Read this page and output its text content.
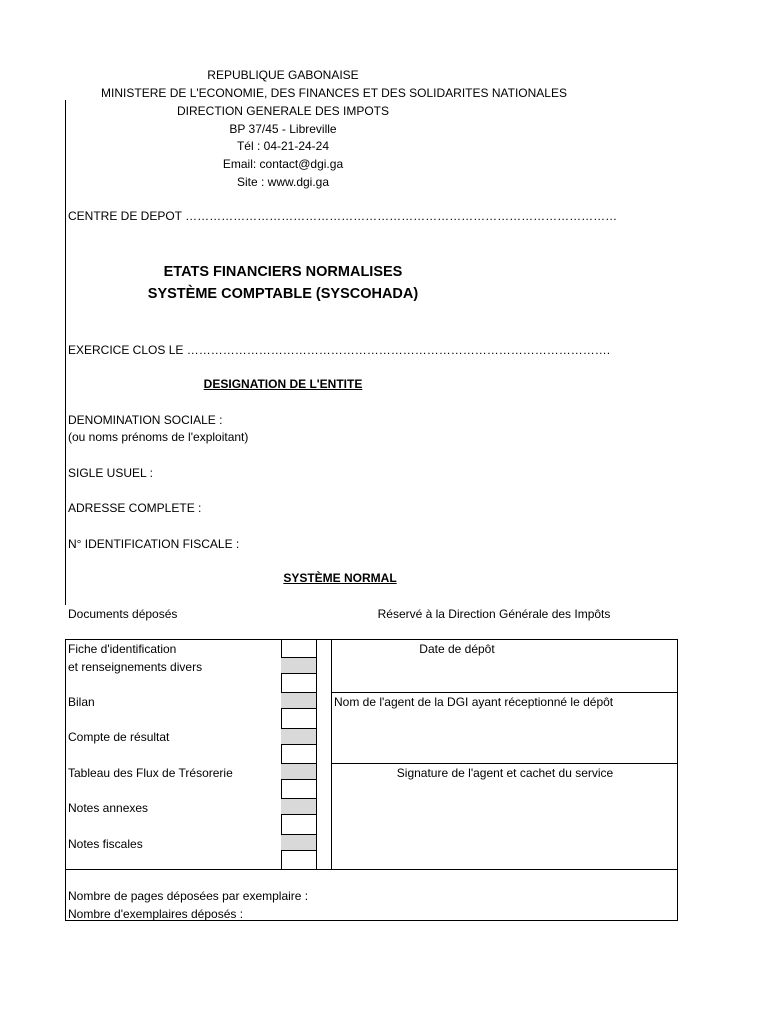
REPUBLIQUE GABONAISE
MINISTERE DE L'ECONOMIE, DES FINANCES ET DES SOLIDARITES NATIONALES
DIRECTION GENERALE DES IMPOTS
BP 37/45 - Libreville
Tél : 04-21-24-24
Email: contact@dgi.ga
Site : www.dgi.ga
CENTRE DE DEPOT ………………………………………………………………………………………………
ETATS FINANCIERS NORMALISES
SYSTÈME COMPTABLE (SYSCOHADA)
EXERCICE CLOS LE …………………………………………………………………………………………….
DESIGNATION DE L'ENTITE
DENOMINATION SOCIALE :
(ou noms prénoms de l'exploitant)
SIGLE USUEL :
ADRESSE COMPLETE :
N° IDENTIFICATION FISCALE :
SYSTÈME NORMAL
Documents déposés	Réservé à la Direction Générale des Impôts
Fiche d'identification
et renseignements divers
Bilan
Compte de résultat
Tableau des Flux de Trésorerie
Notes annexes
Notes fiscales
Date de dépôt
Nom de l'agent de la DGI ayant réceptionné le dépôt
Signature de l'agent et cachet du service
Nombre de pages déposées par exemplaire :
Nombre d'exemplaires déposés :
